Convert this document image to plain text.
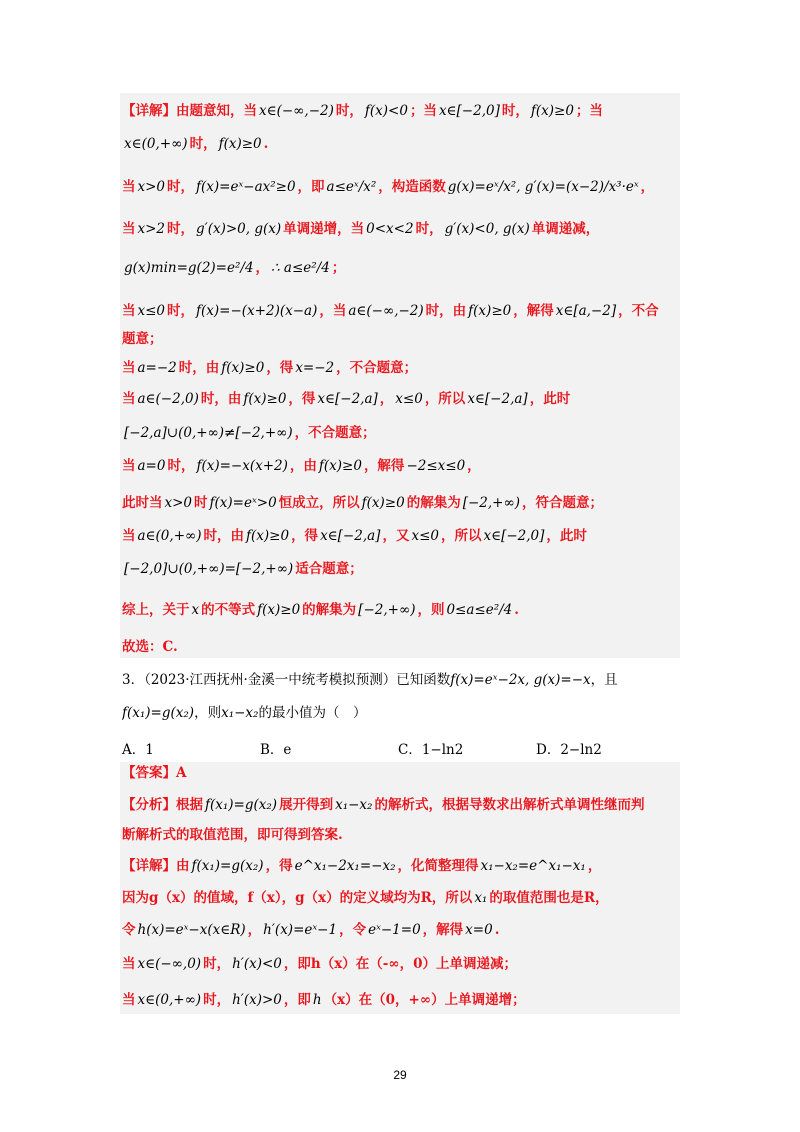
【详解】由题意知，当 x∈(−∞,−2) 时， f(x)<0 ；当 x∈[−2,0] 时， f(x)≥0 ；当
x∈(0,+∞) 时， f(x)≥0 .
当 x>0 时， f(x)=eˣ−ax²≥0 ，即 a≤eˣ/x² ，构造函数 g(x)=eˣ/x², g′(x)=(x−2)/x³·eˣ ，
当 x>2 时， g′(x)>0, g(x) 单调递增，当 0<x<2 时， g′(x)<0, g(x) 单调递减，
g(x)min=g(2)=e²/4 ， ∴ a≤e²/4 ；
当 x≤0 时， f(x)=−(x+2)(x−a) ，当 a∈(−∞,−2) 时，由 f(x)≥0 ，解得 x∈[a,−2] ，不合
题意；
当 a=−2 时，由 f(x)≥0 ，得 x=−2 ，不合题意；
当 a∈(−2,0) 时，由 f(x)≥0 ，得 x∈[−2,a] ， x≤0 ，所以 x∈[−2,a] ，此时
[−2,a]∪(0,+∞)≠[−2,+∞) ，不合题意；
当 a=0 时， f(x)=−x(x+2) ，由 f(x)≥0 ，解得 −2≤x≤0 ，
此时当 x>0 时 f(x)=eˣ>0 恒成立，所以 f(x)≥0 的解集为 [−2,+∞) ，符合题意；
当 a∈(0,+∞) 时，由 f(x)≥0 ，得 x∈[−2,a] ，又 x≤0 ，所以 x∈[−2,0] ，此时
[−2,0]∪(0,+∞)=[−2,+∞) 适合题意；
综上，关于 x 的不等式 f(x)≥0 的解集为 [−2,+∞) ，则 0≤a≤e²/4 .
故选：C.
3．（2023·江西抚州·金溪一中统考模拟预测）已知函数f(x)=eˣ−2x, g(x)=−x，且
f(x₁)=g(x₂)，则x₁−x₂的最小值为（　）
A．1	B．e	C．1−ln2	D．2−ln2
【答案】A
【分析】根据 f(x₁)=g(x₂) 展开得到 x₁−x₂ 的解析式，根据导数求出解析式单调性继而判
断解析式的取值范围，即可得到答案.
【详解】由 f(x₁)=g(x₂) ，得 e^x₁−2x₁=−x₂ ，化简整理得 x₁−x₂=e^x₁−x₁ ，
因为g（x）的值域，f（x），g（x）的定义域均为R，所以 x₁ 的取值范围也是R，
令 h(x)=eˣ−x(x∈R) ， h′(x)=eˣ−1 ，令 eˣ−1=0 ，解得 x=0 .
当 x∈(−∞,0) 时， h′(x)<0 ，即h（x）在（-∞，0）上单调递减；
当 x∈(0,+∞) 时， h′(x)>0 ，即 h （x）在（0，+∞）上单调递增；
29
